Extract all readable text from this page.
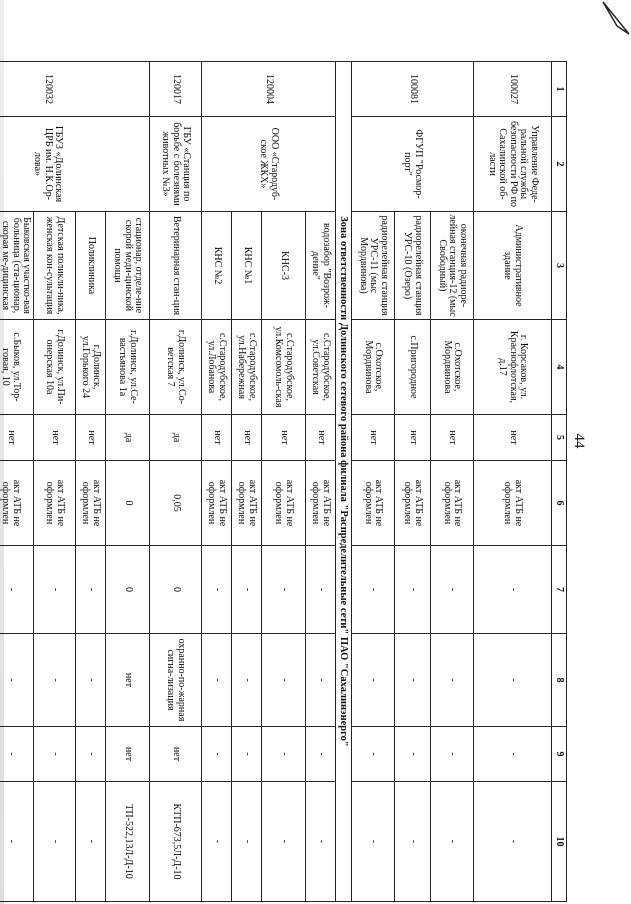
44
1	2	3	4	5	6	7	8	9	10
100027	Управление Феде-ральной службы безопасности РФ по Сахалинской об-ласти	Административное здание	г. Корсаков, ул. Краснофлотская, д.17	нет	акт АТБ не оформлен	-	-	-	-
100081	ФГУП "Росмор-порт"	оконечная радиоре-лейная станция-12 (мыс Свободный)	с.Охотское, Мордвинова	нет	акт АТБ не оформлен	-	-	-	-
		радиорелейная станция УРС-10 (Озеро)	с.Пригородное	нет	акт АТБ не оформлен	-	-	-	-
		радиорелейная станция УРС-11 (мыс Мордвинова)	с.Охотское, Мордвинова	нет	акт АТБ не оформлен	-	-	-	-
Зона ответственности Долинского сетевого района филиала "Распределительные сети" ПАО "Сахалинэнерго"									
120004	ООО «Стародуб-ское ЖКХ»	водозабор "Возрож-дение"	с.Стародубское, ул.Советская	нет	акт АТБ не оформлен	-	-	-	-
		КНС-3	с.Стародубское, ул.Комсомоль-ская	нет	акт АТБ не оформлен	-	-	-	-
		КНС №1	с.Стародубское, ул.Набережная	нет	акт АТБ не оформлен	-	-	-	-
		КНС №2	с.Стародубское, ул.Лобанова	нет	акт АТБ не оформлен	-	-	-	-
120017	ГБУ «Станция по борьбе с болезнями животных №3»	Ветеринарная стан-ция	г.Долинск, ул.Со-ветская 7	да	0,05	0	охранно-по-жарная сигна-лизация	нет	КТП-673,5Л-Д-10
120032	ГБУЗ «Долинская ЦРБ им. Н.К.Ор-лова»	стационар, отделе-ние скорой меди-цинской помощи	г.Долинск, ул.Се-вастьянова 1а	да	0	0	нет	нет	ТП-522,13Л-Д-10
		Поликлиника	г.Долинск, ул.Горького 24	нет	акт АТБ не оформлен	-	-	-	-
		Детская поликли-ника, женская кон-сультация	г.Долинск, ул.Пи-онерская 10а	нет	акт АТБ не оформлен	-	-	-	-
		Быковская участко-вая больница (ста-ционар, скорая ме-дицинская	с.Быков, ул.Тор-говая, 10	нет	акт АТБ не оформлен	-	-	-	-
